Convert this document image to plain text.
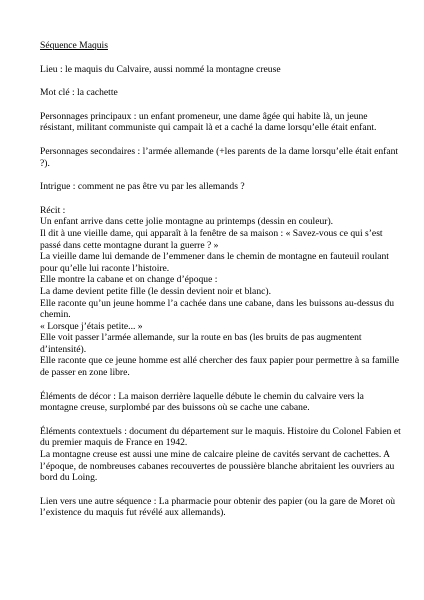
Séquence Maquis
Lieu : le maquis du Calvaire, aussi nommé la montagne creuse
Mot clé : la cachette
Personnages principaux : un enfant promeneur, une dame âgée qui habite là, un jeune résistant, militant communiste qui campait là et a caché la dame lorsqu’elle était enfant.
Personnages secondaires : l’armée allemande (+les parents de la dame lorsqu’elle était enfant ?).
Intrigue : comment ne pas être vu par les allemands ?
Récit :
Un enfant arrive dans cette jolie montagne au printemps (dessin en couleur).
Il dit à une vieille dame, qui apparaît à la fenêtre de sa maison : « Savez-vous ce qui s’est passé dans cette montagne durant la guerre ? »
La vieille dame lui demande de l’emmener dans le chemin de montagne en fauteuil roulant pour qu’elle lui raconte l’histoire.
Elle montre la cabane et on change d’époque :
La dame devient petite fille (le dessin devient noir et blanc).
Elle raconte qu’un jeune homme l’a cachée dans une cabane, dans les buissons au-dessus du chemin.
« Lorsque j’étais petite... »
Elle voit passer l’armée allemande, sur la route en bas (les bruits de pas augmentent d’intensité).
Elle raconte que ce jeune homme est allé chercher des faux papier pour permettre à sa famille de passer en zone libre.
Éléments de décor : La maison derrière laquelle débute le chemin du calvaire vers la montagne creuse, surplombé par des buissons où se cache une cabane.
Éléments contextuels : document du département sur le maquis. Histoire du Colonel Fabien et du premier maquis de France en 1942.
La montagne creuse est aussi une mine de calcaire pleine de cavités servant de cachettes. A l’époque, de nombreuses cabanes recouvertes de poussière blanche abritaient les ouvriers au bord du Loing.
Lien vers une autre séquence : La pharmacie pour obtenir des papier (ou la gare de Moret où l’existence du maquis fut révélé aux allemands).
